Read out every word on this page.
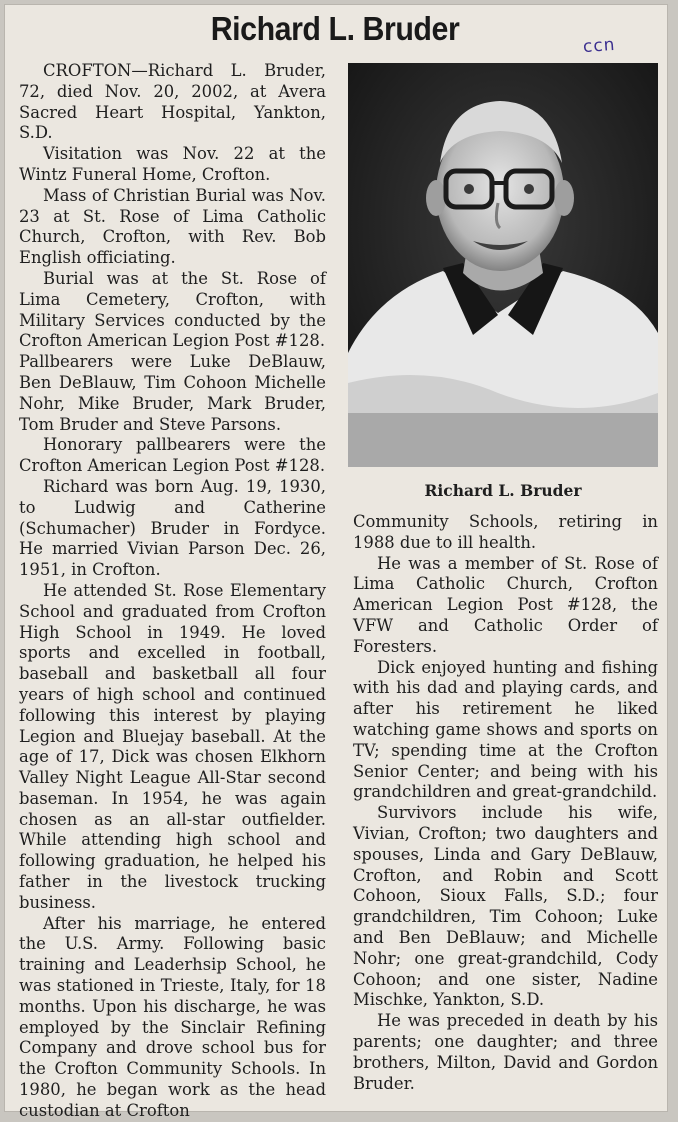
Richard L. Bruder	ccn

CROFTON—Richard L. Bruder, 72, died Nov. 20, 2002, at Avera Sacred Heart Hospital, Yankton, S.D.

Visitation was Nov. 22 at the Wintz Funeral Home, Crofton.

Mass of Christian Burial was Nov. 23 at St. Rose of Lima Catholic Church, Crofton, with Rev. Bob English officiating.

Burial was at the St. Rose of Lima Cemetery, Crofton, with Military Services conducted by the Crofton American Legion Post #128.

Pallbearers were Luke DeBlauw, Ben DeBlauw, Tim Cohoon Michelle Nohr, Mike Bruder, Mark Bruder, Tom Bruder and Steve Parsons.

Honorary pallbearers were the Crofton American Legion Post #128.

Richard was born Aug. 19, 1930, to Ludwig and Catherine (Schumacher) Bruder in Fordyce. He married Vivian Parson Dec. 26, 1951, in Crofton.

He attended St. Rose Elementary School and graduated from Crofton High School in 1949. He loved sports and excelled in football, baseball and basketball all four years of high school and continued following this interest by playing Legion and Bluejay baseball. At the age of 17, Dick was chosen Elkhorn Valley Night League All-Star second baseman. In 1954, he was again chosen as an all-star outfielder. While attending high school and following graduation, he helped his father in the livestock trucking business.

After his marriage, he entered the U.S. Army. Following basic training and Leaderhsip School, he was stationed in Trieste, Italy, for 18 months. Upon his discharge, he was employed by the Sinclair Refining Company and drove school bus for the Crofton Community Schools. In 1980, he began work as the head custodian at Crofton

Richard L. Bruder

Community Schools, retiring in 1988 due to ill health.

He was a member of St. Rose of Lima Catholic Church, Crofton American Legion Post #128, the VFW and Catholic Order of Foresters.

Dick enjoyed hunting and fishing with his dad and playing cards, and after his retirement he liked watching game shows and sports on TV; spending time at the Crofton Senior Center; and being with his grandchildren and great-grandchild.

Survivors include his wife, Vivian, Crofton; two daughters and spouses, Linda and Gary DeBlauw, Crofton, and Robin and Scott Cohoon, Sioux Falls, S.D.; four grandchildren, Tim Cohoon; Luke and Ben DeBlauw; and Michelle Nohr; one great-grandchild, Cody Cohoon; and one sister, Nadine Mischke, Yankton, S.D.

He was preceded in death by his parents; one daughter; and three brothers, Milton, David and Gordon Bruder.
